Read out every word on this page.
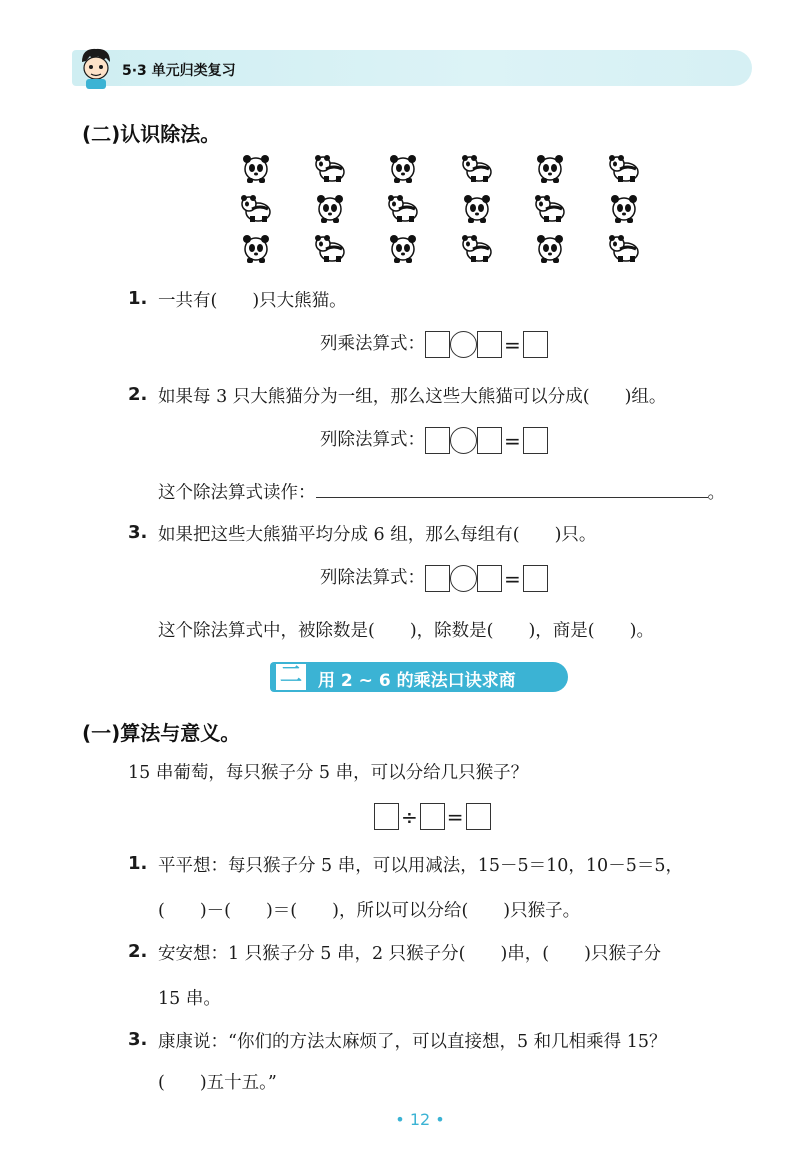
5·3 单元归类复习
(二)认识除法。
1. 一共有(　　)只大熊猫。
列乘法算式：	=
2. 如果每 3 只大熊猫分为一组，那么这些大熊猫可以分成(　　)组。
列除法算式：	=
这个除法算式读作：	。
3. 如果把这些大熊猫平均分成 6 组，那么每组有(　　)只。
列除法算式：	=
这个除法算式中，被除数是(　　)，除数是(　　)，商是(　　)。
二 用 2 ~ 6 的乘法口诀求商
(一)算法与意义。
15 串葡萄，每只猴子分 5 串，可以分给几只猴子？
÷ =
1. 平平想：每只猴子分 5 串，可以用减法，15－5＝10，10－5＝5，
(　　)－(　　)＝(　　)，所以可以分给(　　)只猴子。
2. 安安想：1 只猴子分 5 串，2 只猴子分(　　)串，(　　)只猴子分
15 串。
3. 康康说：“你们的方法太麻烦了，可以直接想，5 和几相乘得 15？
(　　)五十五。”
• 12 •
